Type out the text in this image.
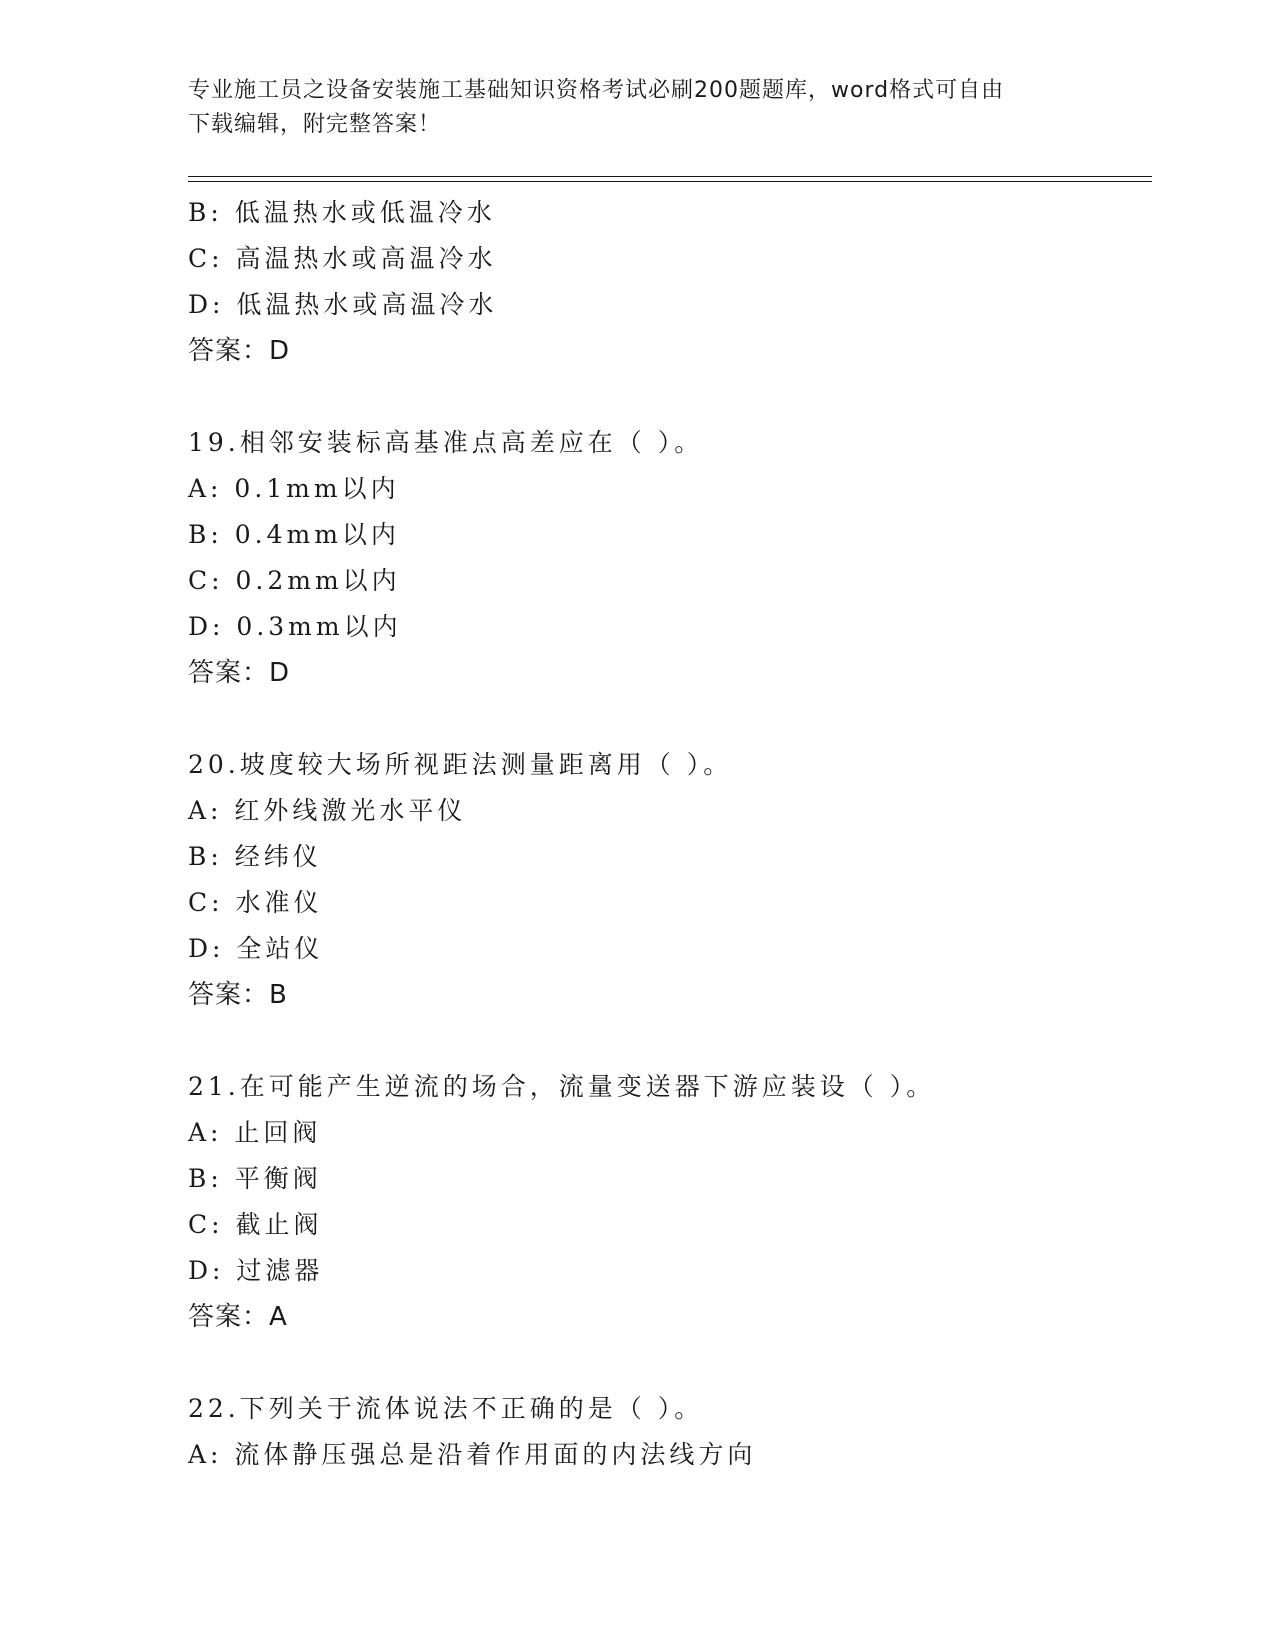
专业施工员之设备安装施工基础知识资格考试必刷200题题库，word格式可自由
下载编辑，附完整答案！
B: 低温热水或低温冷水
C: 高温热水或高温冷水
D: 低温热水或高温冷水
答案：D
19.相邻安装标高基准点高差应在（ ）。
A: 0.1mm以内
B: 0.4mm以内
C: 0.2mm以内
D: 0.3mm以内
答案：D
20.坡度较大场所视距法测量距离用（ ）。
A: 红外线激光水平仪
B: 经纬仪
C: 水准仪
D: 全站仪
答案：B
21.在可能产生逆流的场合，流量变送器下游应装设（ ）。
A: 止回阀
B: 平衡阀
C: 截止阀
D: 过滤器
答案：A
22.下列关于流体说法不正确的是（ ）。
A: 流体静压强总是沿着作用面的内法线方向
